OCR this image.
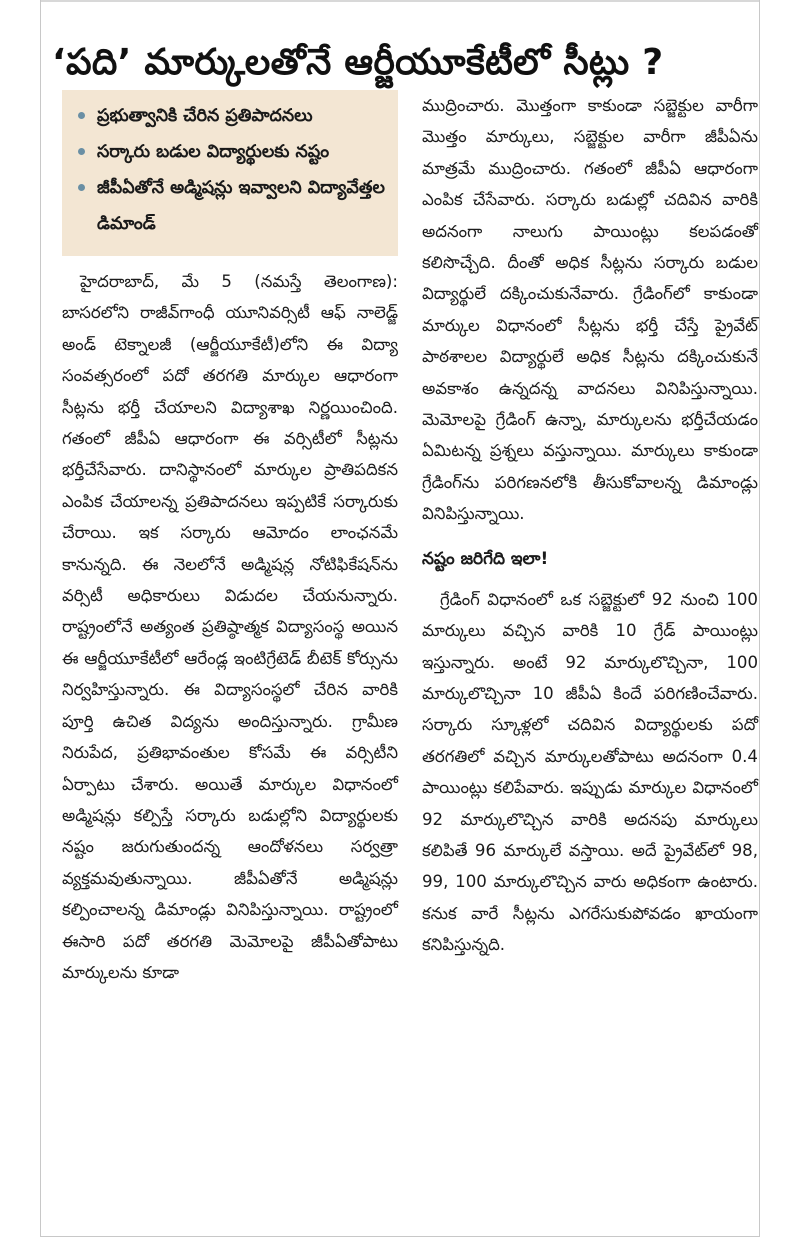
‘పది’ మార్కులతోనే ఆర్జీయూకేటీలో సీట్లు ?
ప్రభుత్వానికి చేరిన ప్రతిపాదనలు
సర్కారు బడుల విద్యార్థులకు నష్టం
జీపీఏతోనే అడ్మిషన్లు ఇవ్వాలని విద్యావేత్తల డిమాండ్

హైదరాబాద్, మే 5 (నమస్తే తెలంగాణ): బాసరలోని రాజీవ్‌గాంధీ యూనివర్సిటీ ఆఫ్ నాలెడ్జ్ అండ్ టెక్నాలజీ (ఆర్జీయూకేటీ)లోని ఈ విద్యా సంవత్సరంలో పదో తరగతి మార్కుల ఆధారంగా సీట్లను భర్తీ చేయాలని విద్యాశాఖ నిర్ణయించింది. గతంలో జీపీఏ ఆధారంగా ఈ వర్సిటీలో సీట్లను భర్తీచేసేవారు. దానిస్థానంలో మార్కుల ప్రాతిపదికన ఎంపిక చేయాలన్న ప్రతిపాదనలు ఇప్పటికే సర్కారుకు చేరాయి. ఇక సర్కారు ఆమోదం లాంఛనమే కానున్నది. ఈ నెలలోనే అడ్మిషన్ల నోటిఫికేషన్‌ను వర్సిటీ అధికారులు విడుదల చేయనున్నారు. రాష్ట్రంలోనే అత్యంత ప్రతిష్ఠాత్మక విద్యాసంస్థ అయిన ఈ ఆర్జీయూకేటీలో ఆరేండ్ల ఇంటిగ్రేటెడ్ బీటెక్ కోర్సును నిర్వహిస్తున్నారు. ఈ విద్యాసంస్థలో చేరిన వారికి పూర్తి ఉచిత విద్యను అందిస్తున్నారు. గ్రామీణ నిరుపేద, ప్రతిభావంతుల కోసమే ఈ వర్సిటీని ఏర్పాటు చేశారు. అయితే మార్కుల విధానంలో అడ్మిషన్లు కల్పిస్తే సర్కారు బడుల్లోని విద్యార్థులకు నష్టం జరుగుతుందన్న ఆందోళనలు సర్వత్రా వ్యక్తమవుతున్నాయి. జీపీఏతోనే అడ్మిషన్లు కల్పించాలన్న డిమాండ్లు వినిపిస్తున్నాయి. రాష్ట్రంలో ఈసారి పదో తరగతి మెమోలపై జీపీఏతోపాటు మార్కులను కూడా

ముద్రించారు. మొత్తంగా కాకుండా సబ్జెక్టుల వారీగా మొత్తం మార్కులు, సబ్జెక్టుల వారీగా జీపీఏను మాత్రమే ముద్రించారు. గతంలో జీపీఏ ఆధారంగా ఎంపిక చేసేవారు. సర్కారు బడుల్లో చదివిన వారికి అదనంగా నాలుగు పాయింట్లు కలపడంతో కలిసొచ్చేది. దీంతో అధిక సీట్లను సర్కారు బడుల విద్యార్థులే దక్కించుకునేవారు. గ్రేడింగ్‌లో కాకుండా మార్కుల విధానంలో సీట్లను భర్తీ చేస్తే ప్రైవేట్ పాఠశాలల విద్యార్థులే అధిక సీట్లను దక్కించుకునే అవకాశం ఉన్నదన్న వాదనలు వినిపిస్తున్నాయి. మెమోలపై గ్రేడింగ్ ఉన్నా, మార్కులను భర్తీచేయడం ఏమిటన్న ప్రశ్నలు వస్తున్నాయి. మార్కులు కాకుండా గ్రేడింగ్‌ను పరిగణనలోకి తీసుకోవాలన్న డిమాండ్లు వినిపిస్తున్నాయి.

నష్టం జరిగేది ఇలా!

గ్రేడింగ్ విధానంలో ఒక సబ్జెక్టులో 92 నుంచి 100 మార్కులు వచ్చిన వారికి 10 గ్రేడ్ పాయింట్లు ఇస్తున్నారు. అంటే 92 మార్కులొచ్చినా, 100 మార్కులొచ్చినా 10 జీపీఏ కిందే పరిగణించేవారు. సర్కారు స్కూళ్లలో చదివిన విద్యార్థులకు పదో తరగతిలో వచ్చిన మార్కులతోపాటు అదనంగా 0.4 పాయింట్లు కలిపేవారు. ఇప్పుడు మార్కుల విధానంలో 92 మార్కులొచ్చిన వారికి అదనపు మార్కులు కలిపితే 96 మార్కులే వస్తాయి. అదే ప్రైవేట్‌లో 98, 99, 100 మార్కులొచ్చిన వారు అధికంగా ఉంటారు. కనుక వారే సీట్లను ఎగరేసుకుపోవడం ఖాయంగా కనిపిస్తున్నది.
